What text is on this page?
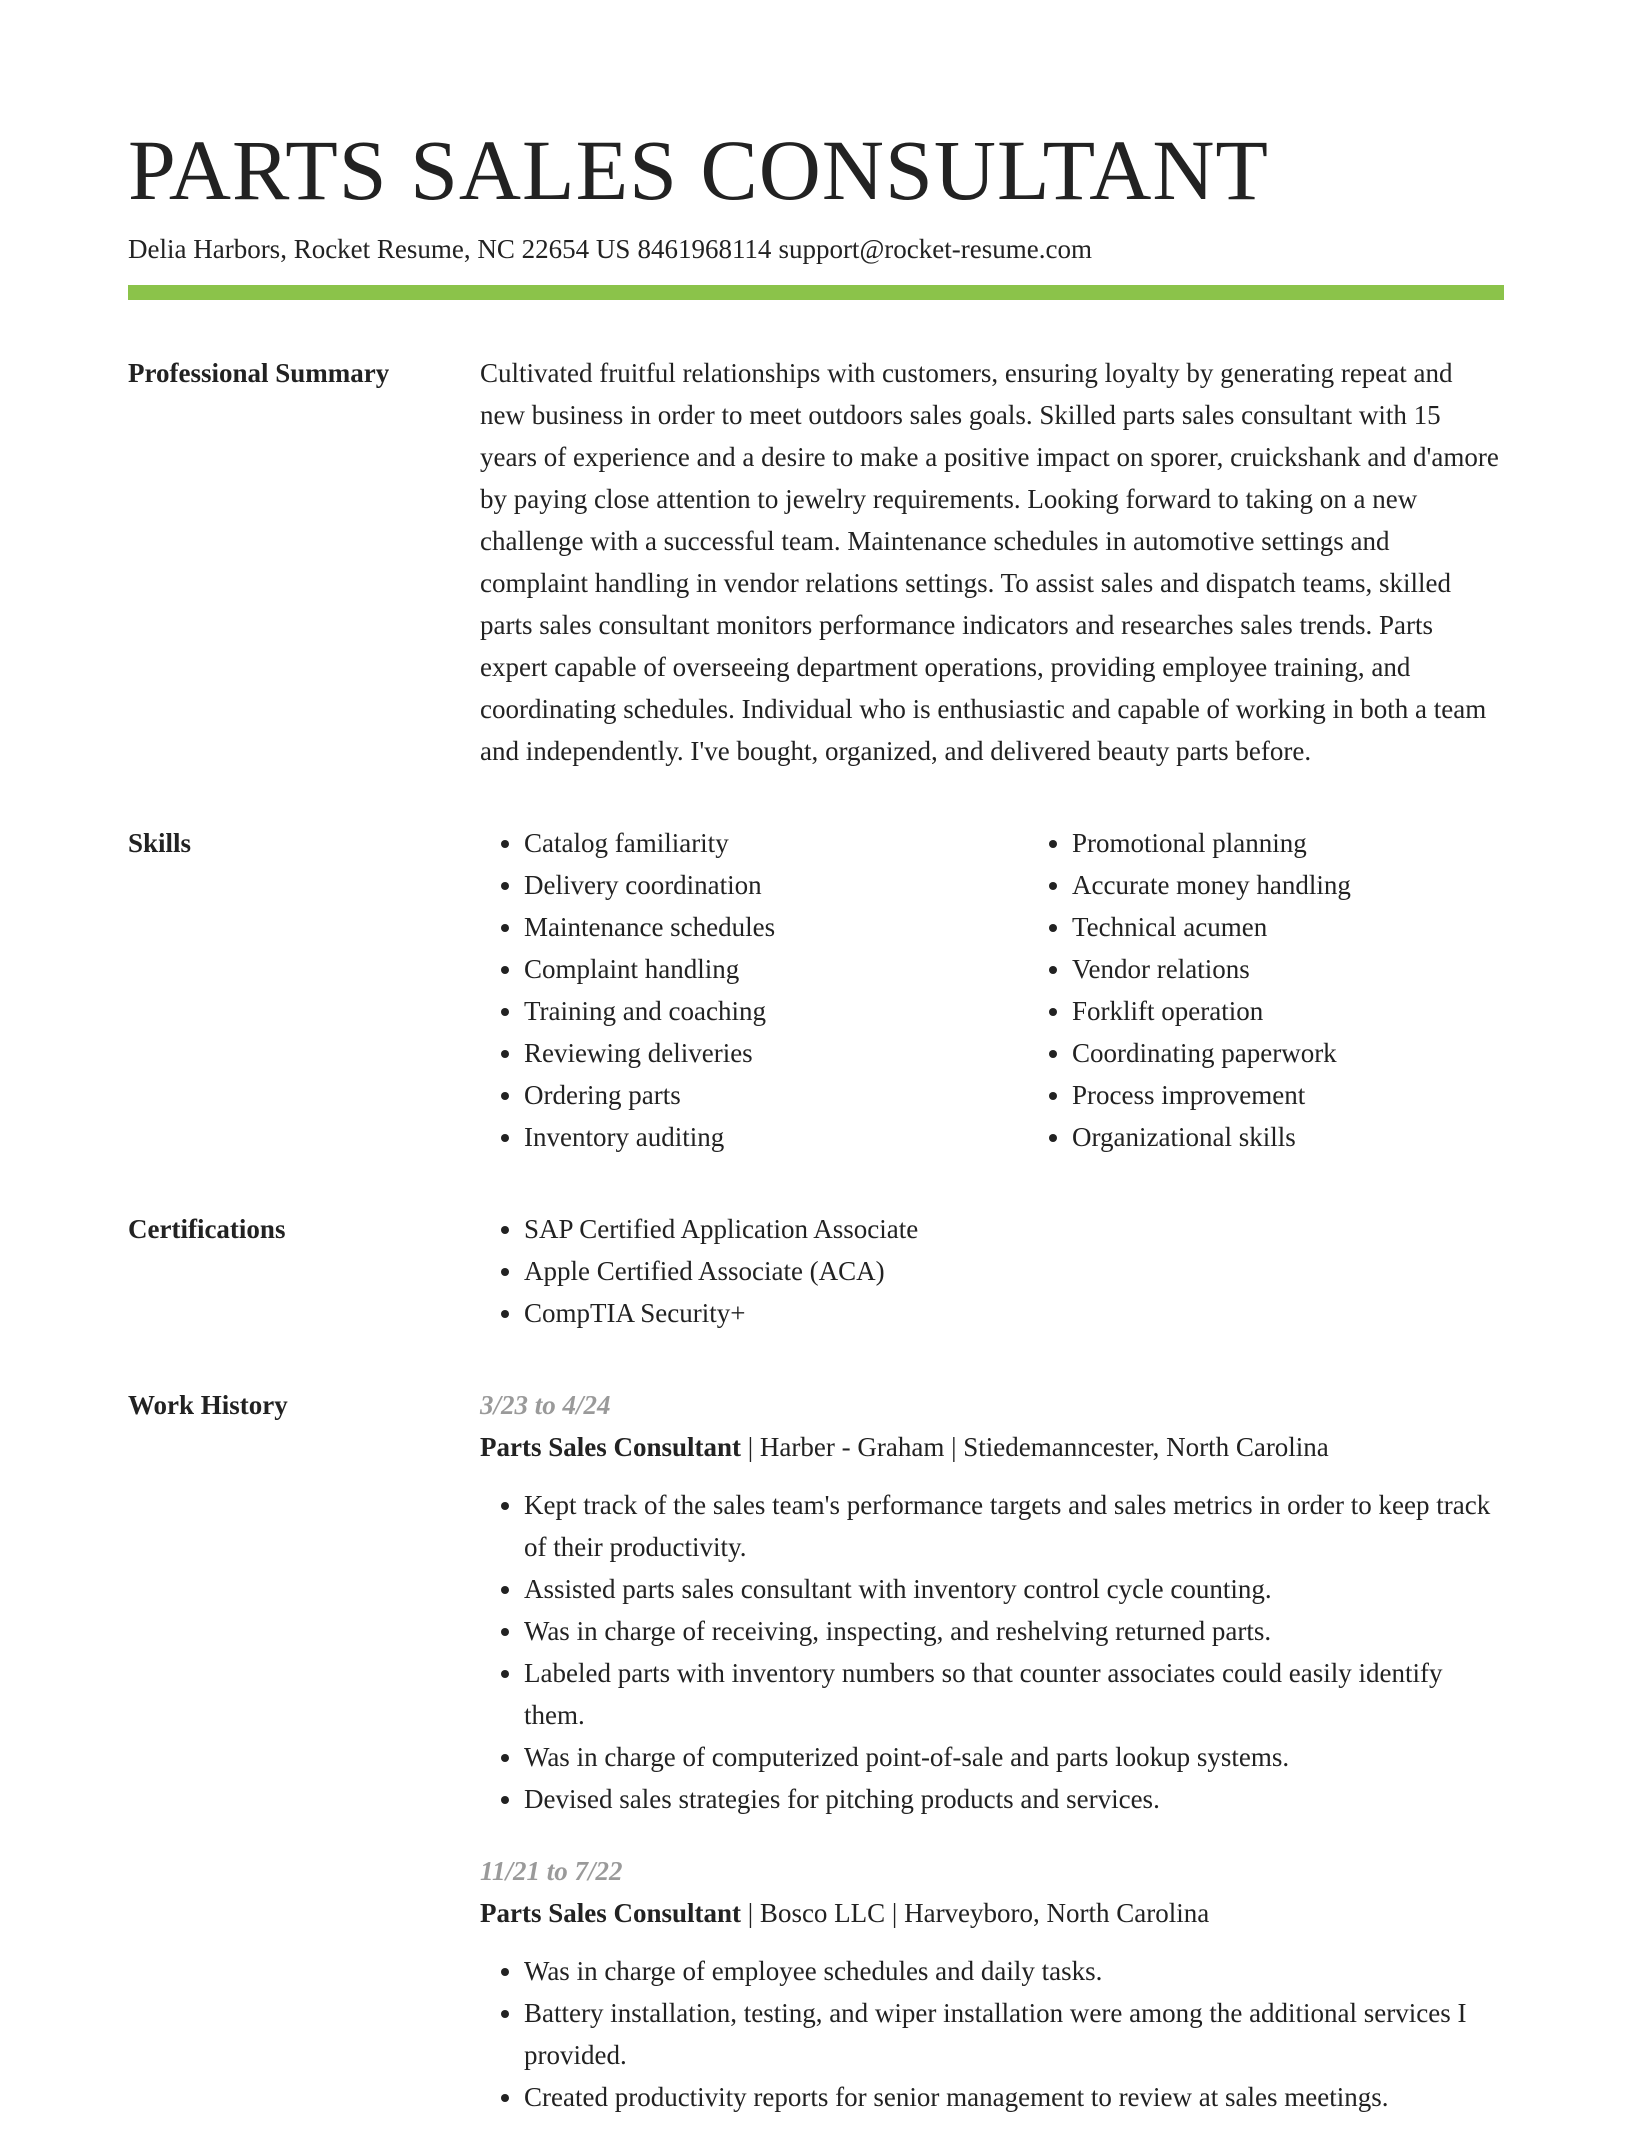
PARTS SALES CONSULTANT
Delia Harbors, Rocket Resume, NC 22654 US 8461968114 support@rocket-resume.com
Professional Summary	Cultivated fruitful relationships with customers, ensuring loyalty by generating repeat and new business in order to meet outdoors sales goals. Skilled parts sales consultant with 15 years of experience and a desire to make a positive impact on sporer, cruickshank and d'amore by paying close attention to jewelry requirements. Looking forward to taking on a new challenge with a successful team. Maintenance schedules in automotive settings and complaint handling in vendor relations settings. To assist sales and dispatch teams, skilled parts sales consultant monitors performance indicators and researches sales trends. Parts expert capable of overseeing department operations, providing employee training, and coordinating schedules. Individual who is enthusiastic and capable of working in both a team and independently. I've bought, organized, and delivered beauty parts before.

Skills	• Catalog familiarity
• Delivery coordination
• Maintenance schedules
• Complaint handling
• Training and coaching
• Reviewing deliveries
• Ordering parts
• Inventory auditing
• Promotional planning
• Accurate money handling
• Technical acumen
• Vendor relations
• Forklift operation
• Coordinating paperwork
• Process improvement
• Organizational skills
Certifications	• SAP Certified Application Associate
• Apple Certified Associate (ACA)
• CompTIA Security+
Work History	3/23 to 4/24
Parts Sales Consultant | Harber - Graham | Stiedemanncester, North Carolina
• Kept track of the sales team's performance targets and sales metrics in order to keep track of their productivity.
• Assisted parts sales consultant with inventory control cycle counting.
• Was in charge of receiving, inspecting, and reshelving returned parts.
• Labeled parts with inventory numbers so that counter associates could easily identify them.
• Was in charge of computerized point-of-sale and parts lookup systems.
• Devised sales strategies for pitching products and services.
11/21 to 7/22
Parts Sales Consultant | Bosco LLC | Harveyboro, North Carolina
• Was in charge of employee schedules and daily tasks.
• Battery installation, testing, and wiper installation were among the additional services I provided.
• Created productivity reports for senior management to review at sales meetings.
